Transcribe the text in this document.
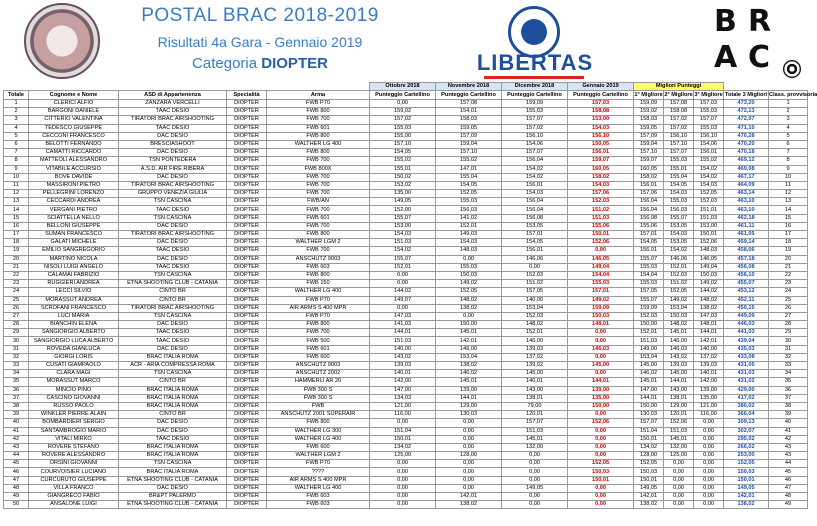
POSTAL BRAC 2018-2019
Risultati 4a Gara - Gennaio 2019
Categoria DIOPTER	LIBERTAS
B R
A C
					Ottobre 2018	Novembre 2018	Dicembre 2018	Gennaio 2019	Migliori Punteggi				
Totale	Cognome e Nome	ASD di Appartenenza	Specialità	Arma	Punteggio Cartellino	Punteggio Cartellino	Punteggio Cartellino	Punteggio Cartellino	1° Migliore	2° Migliore	3° Migliore	Totale 3 Migliori	Class. provvisoria
1	CLERICI ALFIO	ZANZARA VERCELLI	DIOPTER	FWB P70	0,00	157,08	159,09	157,03	159,09	157,08	157,03	473,20	1
2	BARGONI DANIELE	TAAC DESIO	DIOPTER	FWB 800	159,02	154,01	155,03	158,08	159,02	158,08	155,03	472,13	2
3	CITTERIO VALENTINA	TIRATORI BRAC AIRSHOOTING	DIOPTER	FWB 700	157,02	158,03	157,07	153,00	158,03	157,02	157,07	472,07	3
4	TEDESCO GIUSEPPE	TAAC DESIO	DIOPTER	FWB 601	155,03	159,05	157,02	154,03	159,05	157,02	155,03	471,10	4
5	CECCONI FRANCESCO	DAC DESIO	DIOPTER	FWB 800	155,00	157,09	156,10	156,10	157,09	156,10	156,10	470,28	5
6	BELOTTI FERNANDO	BRESCIASHOOT	DIOPTER	WALTHER LG 400	157,10	159,04	154,06	150,05	159,04	157,10	154,06	470,20	6
7	CAMATTI RICCARDO	DAC DESIO	DIOPTER	FWB 800	154,05	157,10	157,07	156,01	157,10	157,07	156,01	470,18	7
8	MATTEOLI ALESSANDRO	TSN PONTEDERA	DIOPTER	FWB 700	155,02	155,02	156,04	159,07	159,07	155,03	155,02	469,12	8
9	VITABILE ACCURSIO	A.S.D. AIR FIRE RIBERA	DIOPTER	FWB 800X	155,01	147,01	154,02	160,05	160,05	155,01	154,02	469,08	9
10	BOVE DAVIDE	DAC DESIO	DIOPTER	FWB 700	150,02	155,04	154,02	158,02	158,02	155,04	154,02	467,17	10
11	MASSIRONI PIETRO	TIRATORI BRAC AIRSHOOTING	DIOPTER	FWB 700	153,02	154,05	156,01	154,03	156,01	154,05	154,03	464,09	11
12	PELLEGRINI LORENZO	GRUPPO VENEZIA GIULIA	DIOPTER	FWB 700	135,00	152,05	154,03	157,06	157,06	154,03	152,05	463,14	12
13	CECCARDI ANDREA	TSN CASCINA	DIOPTER	FWB/AN	149,05	155,03	156,04	152,03	156,04	155,03	152,03	463,10	13
14	VERGANI PIETRO	TAAC DESIO	DIOPTER	FWB 700	152,00	156,03	156,04	151,02	156,04	156,03	151,01	463,10	14
15	SCIATTELLA NELLO	TSN CASCINA	DIOPTER	FWB 601	155,07	141,02	156,08	151,03	156,08	155,07	151,03	462,18	15
16	BELLONI GIUSEPPE	DAC DESIO	DIOPTER	FWB 700	153,00	152,01	153,05	155,06	155,06	153,05	153,00	461,11	16
17	SUMAN FRANCESCO	TIRATORI BRAC AIRSHOOTING	DIOPTER	FWB 800	154,03	149,03	157,01	150,01	157,01	154,03	150,01	461,05	17
18	GALATI MICHELE	DAC DESIO	DIOPTER	WALTHER LGM 2	151,03	154,03	154,05	152,06	154,05	153,05	152,06	459,14	18
19	EMILIO SANGREGORIO	TAAC DESIO	DIOPTER	FWB 700	154,02	148,03	156,01	0,00	156,01	154,02	148,03	458,06	19
20	MARTINO NICOLA	DAC DESIO	DIOPTER	ANSCHUTZ 9003	155,07	0,00	146,06	146,05	155,07	146,06	146,05	457,18	20
21	NISOLI LUIGI ANGELO	TAAC DESIO	DIOPTER	FWB 603	152,01	155,03	0,00	149,04	155,03	152,01	149,04	456,08	21
22	CALAMAI FABRIZIO	TSN CASCINA	DIOPTER	FWB 800	0,00	150,03	152,03	154,04	154,04	152,03	150,03	456,10	22
23	RUGGIERI ANDREA	ETNA SHOOTING CLUB - CATANIA	DIOPTER	FWB 150	0,00	149,02	151,02	155,03	155,03	151,02	149,02	455,07	23
24	LECCI SILVIO	CINTO BR	DIOPTER	WALTHER LG 400	144,02	152,05	157,05	157,01	157,05	152,05	144,02	453,12	24
25	MORASSUT ANDREA	CINTO BR	DIOPTER	FWB P70	149,07	148,02	140,00	149,02	155,07	149,02	148,02	452,11	25
26	SCROFANI FRANCESCO	TIRATORI BRAC AIRSHOOTING	DIOPTER	AIR ARMS S 400 MPR	0,00	138,02	153,04	159,09	159,09	153,04	138,02	450,15	26
27	LUCI MARIA	TSN CASCINA	DIOPTER	FWB P70	147,03	0,00	152,03	150,03	152,03	150,03	147,03	449,09	27
28	BIANCHIN ELENA	DAC DESIO	DIOPTER	FWB 800	141,03	150,00	148,02	148,01	150,00	148,02	148,01	446,03	28
29	SANGIORGIO ALBERTO	TAAC DESIO	DIOPTER	FWB 700	144,01	145,01	152,01	0,00	152,01	145,01	144,01	441,03	29
30	SANGIORGIO LUCA ALBERTO	TAAC DESIO	DIOPTER	FWB 500	151,03	142,01	146,00	0,00	151,03	146,00	142,01	439,04	30
31	ROVEDA GIANLUCA	DAC DESIO	DIOPTER	FWB 601	140,00	149,00	139,03	146,03	149,00	146,03	140,00	435,03	31
32	GIORGI LORIS	BRAC ITALIA ROMA	DIOPTER	FWB 600	143,02	153,04	137,02	0,00	153,04	143,02	137,02	433,08	32
33	CUSATI GIAMPAOLO	ACR - ARIA COMPRESSA ROMA	DIOPTER	ANSCHUTZ 9003	139,03	138,02	139,02	145,00	145,00	139,03	139,03	431,05	33
34	CLARA MAGI	TSN CASCINA	DIOPTER	ANSCHUTZ 2002	140,01	146,02	145,00	0,00	146,02	145,00	140,01	431,03	34
35	MORASSUT MARCO	CINTO BR	DIOPTER	HAMMERLI AR 20	142,00	145,01	140,01	144,01	145,01	144,01	142,00	431,02	35
36	MINCIO PINO	BRAC ITALIA ROMA	DIOPTER	FWB 300 S	147,00	139,00	143,00	139,00	147,00	143,00	139,00	429,00	36
37	CASCINO GIOVANNI	BRAC ITALIA ROMA	DIOPTER	FWB 300 S	134,03	144,01	138,01	135,00	144,01	138,01	135,00	417,02	37
38	RUSSO PAOLO	BRAC ITALIA ROMA	DIOPTER	FWB	121,00	129,00	79,00	150,00	150,00	129,00	121,00	380,02	38
39	WINKLER PIERRE ALAIN	CINTO BR	DIOPTER	ANSCHUTZ 2001 SUPERAIR	116,00	130,03	120,01	0,00	130,03	120,01	116,00	366,04	39
40	BOMBARDIERI SERGIO	DAC DESIO	DIOPTER	FWB 800	0,00	0,00	157,07	152,06	157,07	152,06	0,00	309,13	40
41	SANTAMBROGIO MARIO	DAC DESIO	DIOPTER	WALTHER LG 300	151,04	0,00	151,03	0,00	151,04	151,03	0,00	302,07	41
42	VITALI MIRKO	TAAC DESIO	DIOPTER	WALTHER LG 400	150,01	0,00	145,01	0,00	150,01	145,01	0,00	295,02	42
43	ROVERE STEFANO	BRAC ITALIA ROMA	DIOPTER	FWB 600	134,02	0,00	132,00	0,00	134,02	132,00	0,00	266,02	43
44	ROVERE ALESSANDRO	BRAC ITALIA ROMA	DIOPTER	WALTHER LGM 2	125,00	128,00	0,00	0,00	128,00	125,00	0,00	253,00	43
45	ORSINI GIOVANNI	TSN CASCINA	DIOPTER	FWB P70	0,00	0,00	0,00	152,05	152,05	0,00	0,00	152,05	44
46	COURVOISIER LUCIANO	BRAC ITALIA ROMA	DIOPTER	????	0,00	0,00	0,00	150,03	150,03	0,00	0,00	150,03	45
47	CURCURUTO GIUSEPPE	ETNA SHOOTING CLUB - CATANIA	DIOPTER	AIR ARMS S 400 MPR	0,00	0,00	0,00	150,01	150,01	0,00	0,00	150,01	46
48	VILLA FRANCO	DAC DESIO	DIOPTER	WALTHER LG 400	0,00	0,00	149,05	0,00	149,05	0,00	0,00	149,05	47
49	GIANGRECO FABIO	BR&PT PALERMO	DIOPTER	FWB 603	0,00	142,01	0,00	0,00	142,01	0,00	0,00	142,01	48
50	ANSALONE LUIGI	ETNA SHOOTING CLUB - CATANIA	DIOPTER	FWB 603	0,00	138,02	0,00	0,00	138,02	0,00	0,00	138,02	49
